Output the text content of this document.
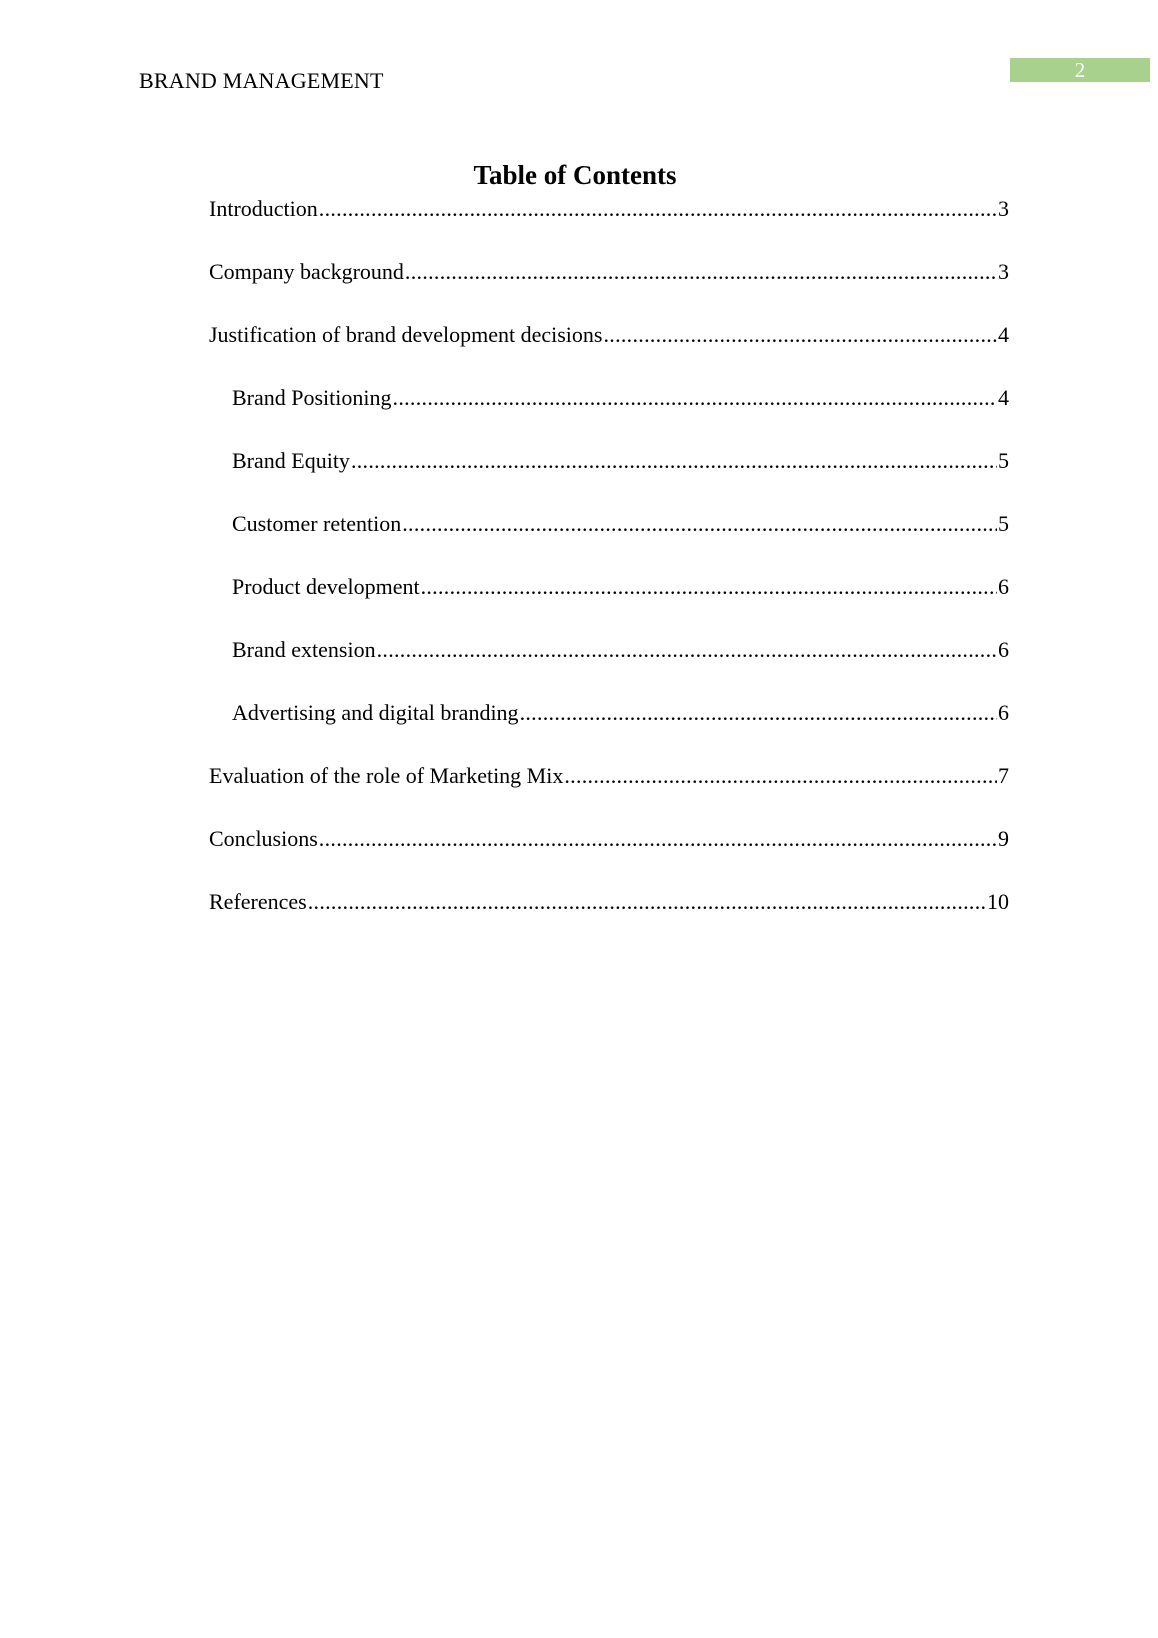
BRAND MANAGEMENT	2
Table of Contents
Introduction .....	3
Company background .....	3
Justification of brand development decisions .....	4
Brand Positioning .....	4
Brand Equity .....	5
Customer retention .....	5
Product development .....	6
Brand extension .....	6
Advertising and digital branding .....	6
Evaluation of the role of Marketing Mix .....	7
Conclusions .....	9
References .....	10
